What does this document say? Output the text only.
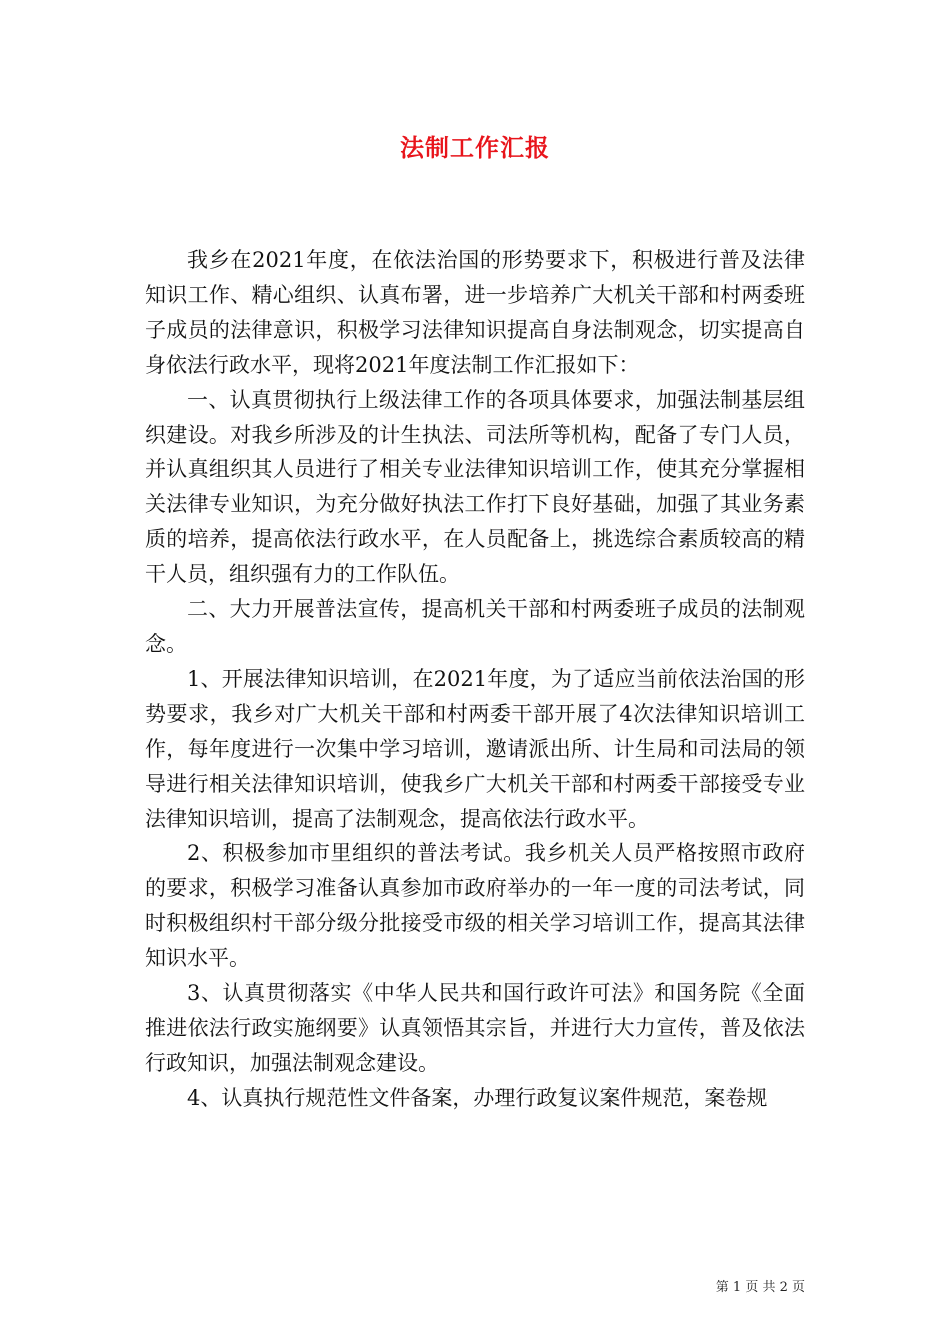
法制工作汇报

我乡在2021年度，在依法治国的形势要求下，积极进行普及法律知识工作、精心组织、认真布署，进一步培养广大机关干部和村两委班子成员的法律意识，积极学习法律知识提高自身法制观念，切实提高自身依法行政水平，现将2021年度法制工作汇报如下：

一、认真贯彻执行上级法律工作的各项具体要求，加强法制基层组织建设。对我乡所涉及的计生执法、司法所等机构，配备了专门人员，并认真组织其人员进行了相关专业法律知识培训工作，使其充分掌握相关法律专业知识，为充分做好执法工作打下良好基础，加强了其业务素质的培养，提高依法行政水平，在人员配备上，挑选综合素质较高的精干人员，组织强有力的工作队伍。

二、大力开展普法宣传，提高机关干部和村两委班子成员的法制观念。

1、开展法律知识培训，在2021年度，为了适应当前依法治国的形势要求，我乡对广大机关干部和村两委干部开展了4次法律知识培训工作，每年度进行一次集中学习培训，邀请派出所、计生局和司法局的领导进行相关法律知识培训，使我乡广大机关干部和村两委干部接受专业法律知识培训，提高了法制观念，提高依法行政水平。

2、积极参加市里组织的普法考试。我乡机关人员严格按照市政府的要求，积极学习准备认真参加市政府举办的一年一度的司法考试，同时积极组织村干部分级分批接受市级的相关学习培训工作，提高其法律知识水平。

3、认真贯彻落实《中华人民共和国行政许可法》和国务院《全面推进依法行政实施纲要》认真领悟其宗旨，并进行大力宣传，普及依法行政知识，加强法制观念建设。

4、认真执行规范性文件备案，办理行政复议案件规范，案卷规

第 1 页 共 2 页
